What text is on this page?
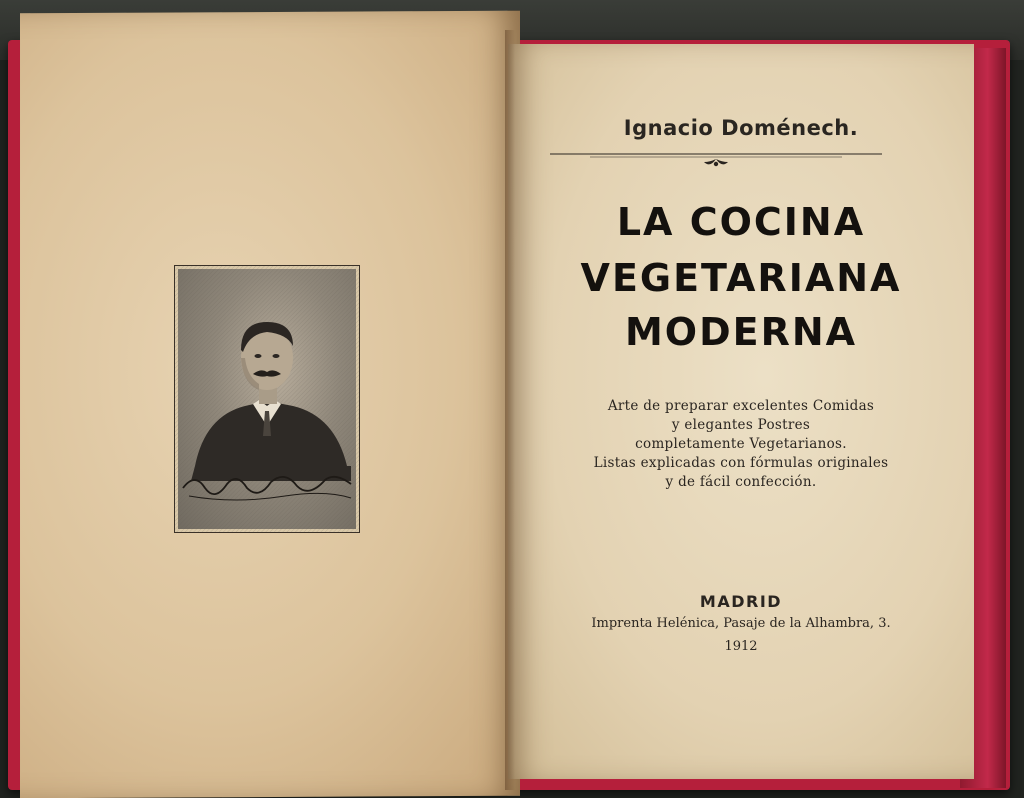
Ignacio Doménech.
LA COCINA
VEGETARIANA
MODERNA
Arte de preparar excelentes Comidas
y elegantes Postres
completamente Vegetarianos.
Listas explicadas con fórmulas originales
y de fácil confección.
MADRID
Imprenta Helénica, Pasaje de la Alhambra, 3.
1912
